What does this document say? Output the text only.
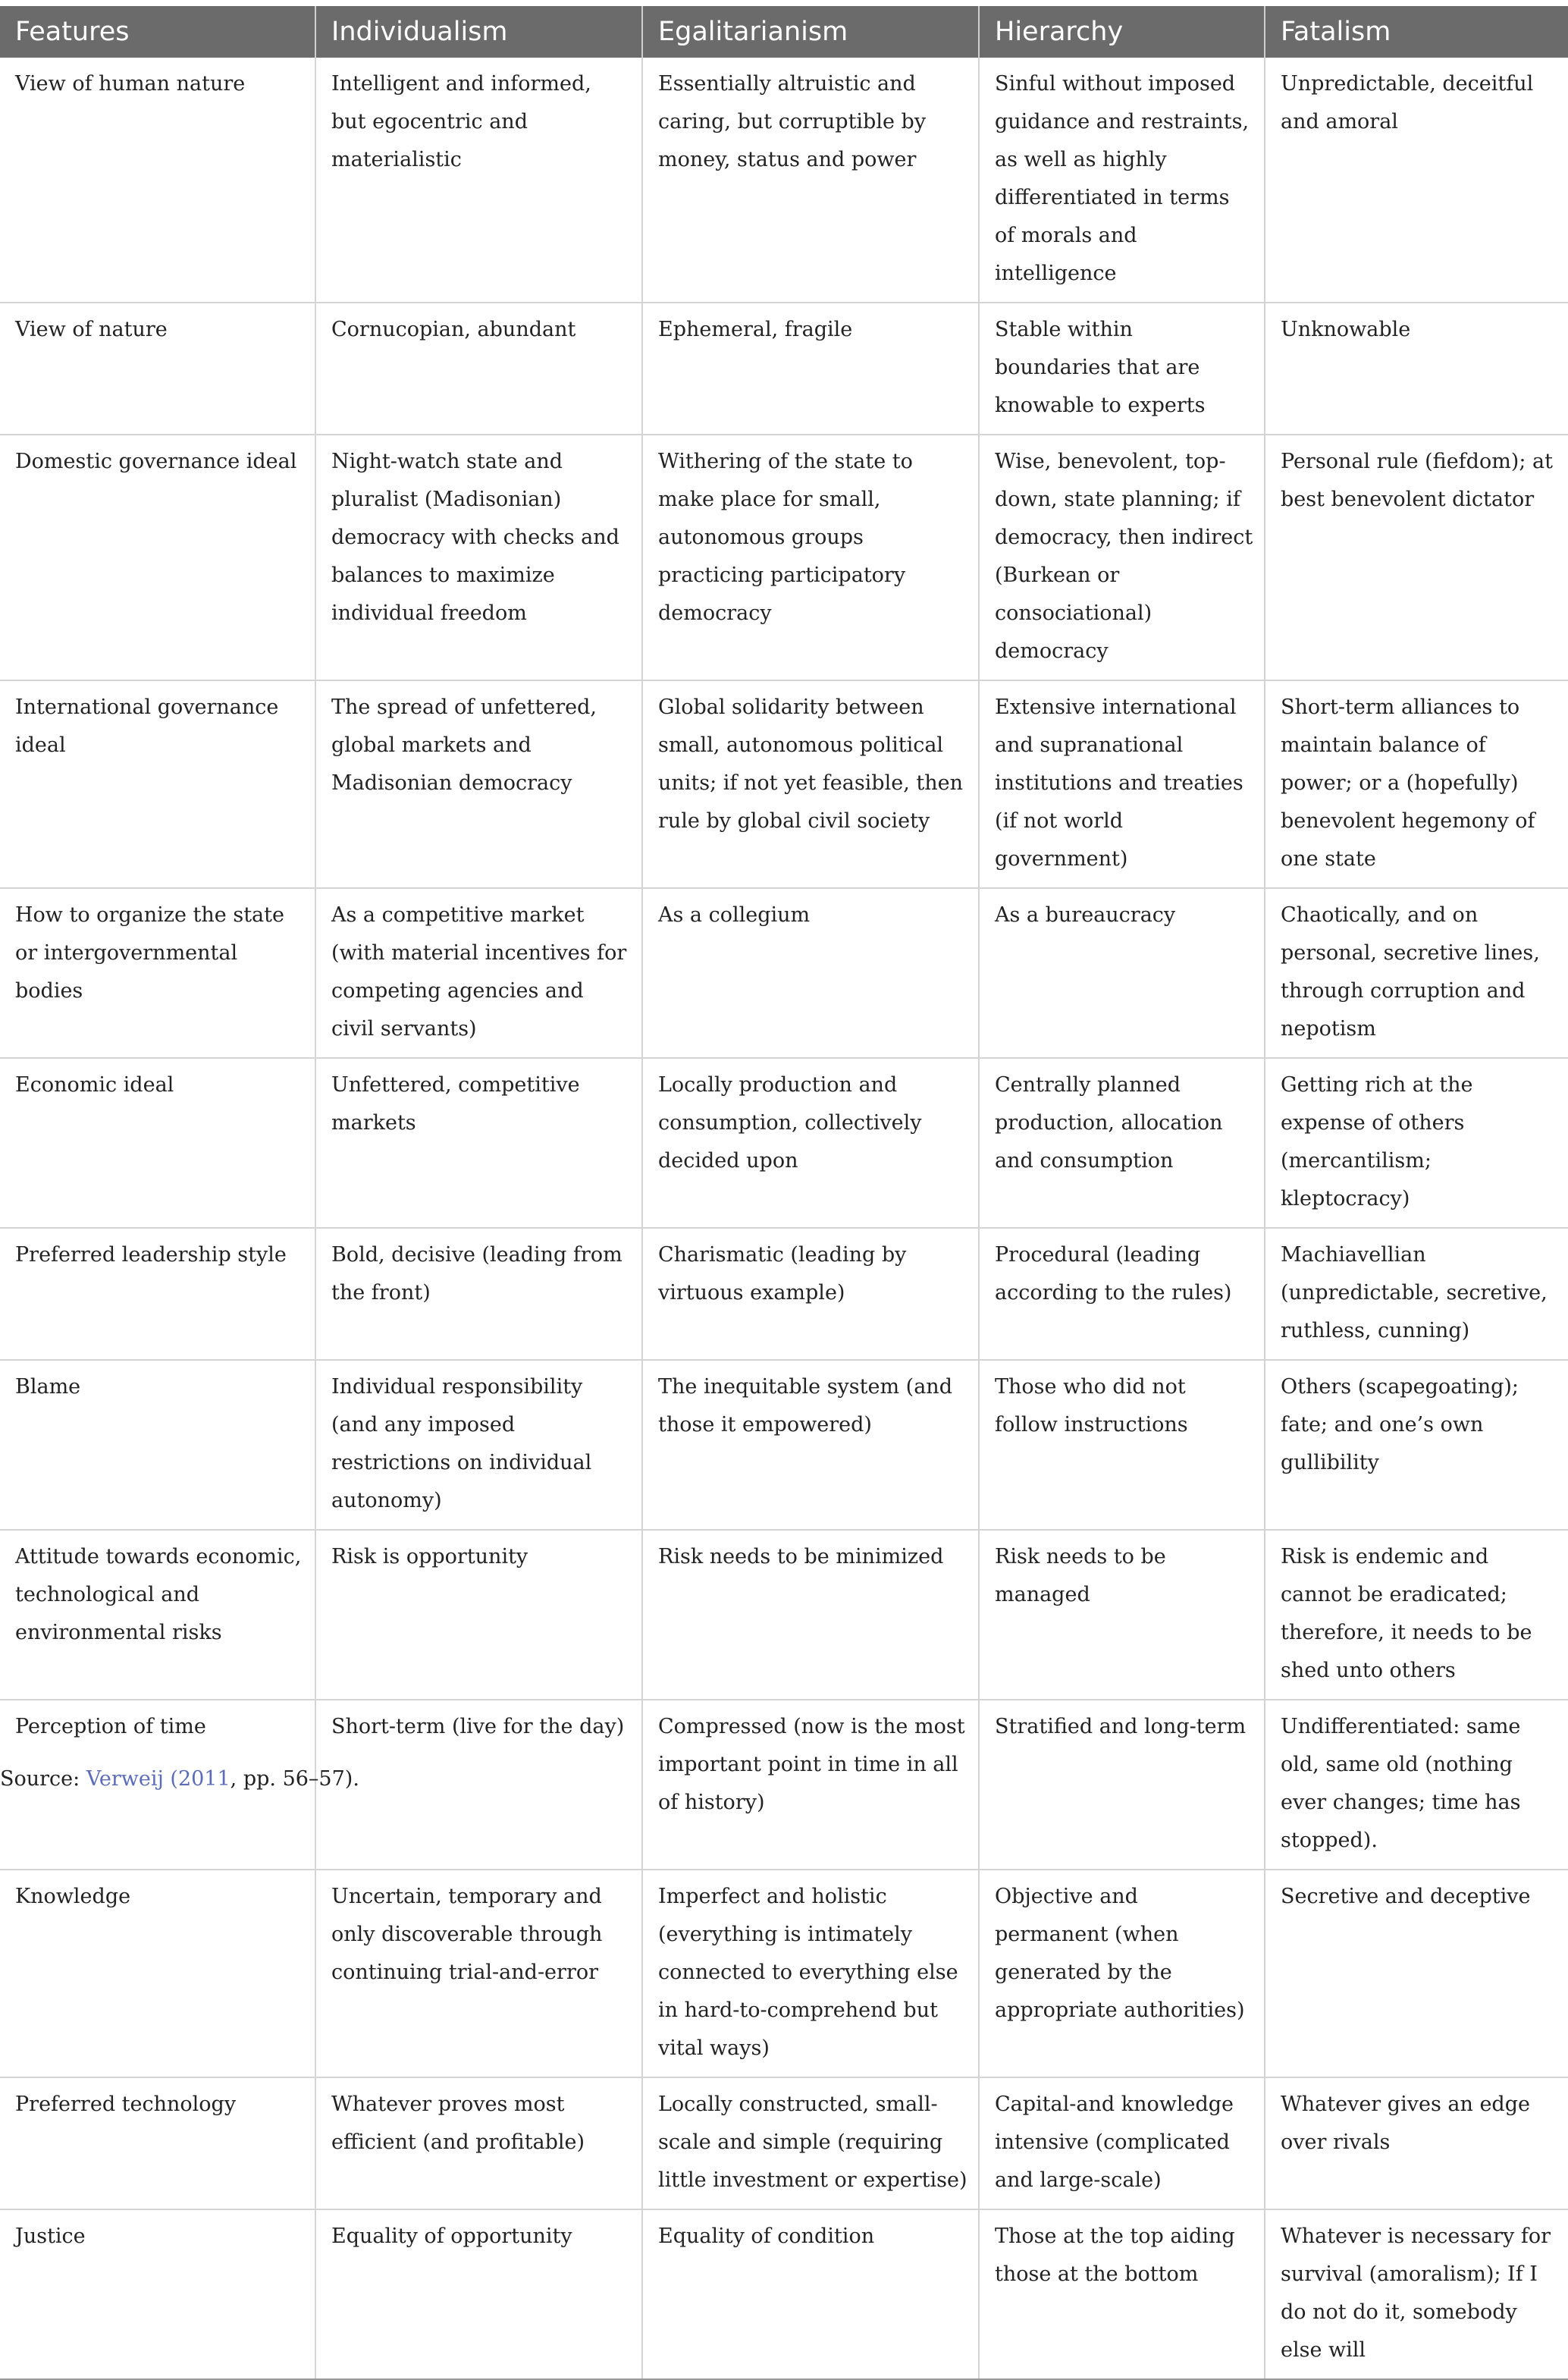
Features	Individualism	Egalitarianism	Hierarchy	Fatalism
View of human nature	Intelligent and informed, but egocentric and materialistic	Essentially altruistic and caring, but corruptible by money, status and power	Sinful without imposed guidance and restraints, as well as highly differentiated in terms of morals and intelligence	Unpredictable, deceitful and amoral
View of nature	Cornucopian, abundant	Ephemeral, fragile	Stable within boundaries that are knowable to experts	Unknowable
Domestic governance ideal	Night-watch state and pluralist (Madisonian) democracy with checks and balances to maximize individual freedom	Withering of the state to make place for small, autonomous groups practicing participatory democracy	Wise, benevolent, top-down, state planning; if democracy, then indirect (Burkean or consociational) democracy	Personal rule (fiefdom); at best benevolent dictator
International governance ideal	The spread of unfettered, global markets and Madisonian democracy	Global solidarity between small, autonomous political units; if not yet feasible, then rule by global civil society	Extensive international and supranational institutions and treaties (if not world government)	Short-term alliances to maintain balance of power; or a (hopefully) benevolent hegemony of one state
How to organize the state or intergovernmental bodies	As a competitive market (with material incentives for competing agencies and civil servants)	As a collegium	As a bureaucracy	Chaotically, and on personal, secretive lines, through corruption and nepotism
Economic ideal	Unfettered, competitive markets	Locally production and consumption, collectively decided upon	Centrally planned production, allocation and consumption	Getting rich at the expense of others (mercantilism; kleptocracy)
Preferred leadership style	Bold, decisive (leading from the front)	Charismatic (leading by virtuous example)	Procedural (leading according to the rules)	Machiavellian (unpredictable, secretive, ruthless, cunning)
Blame	Individual responsibility (and any imposed restrictions on individual autonomy)	The inequitable system (and those it empowered)	Those who did not follow instructions	Others (scapegoating); fate; and one’s own gullibility
Attitude towards economic, technological and environmental risks	Risk is opportunity	Risk needs to be minimized	Risk needs to be managed	Risk is endemic and cannot be eradicated; therefore, it needs to be shed unto others
Perception of time	Short-term (live for the day)	Compressed (now is the most important point in time in all of history)	Stratified and long-term	Undifferentiated: same old, same old (nothing ever changes; time has stopped).
Knowledge	Uncertain, temporary and only discoverable through continuing trial-and-error	Imperfect and holistic (everything is intimately connected to everything else in hard-to-comprehend but vital ways)	Objective and permanent (when generated by the appropriate authorities)	Secretive and deceptive
Preferred technology	Whatever proves most efficient (and profitable)	Locally constructed, small-scale and simple (requiring little investment or expertise)	Capital-and knowledge intensive (complicated and large-scale)	Whatever gives an edge over rivals
Justice	Equality of opportunity	Equality of condition	Those at the top aiding those at the bottom	Whatever is necessary for survival (amoralism); If I do not do it, somebody else will
Source: Verweij (2011, pp. 56–57).
